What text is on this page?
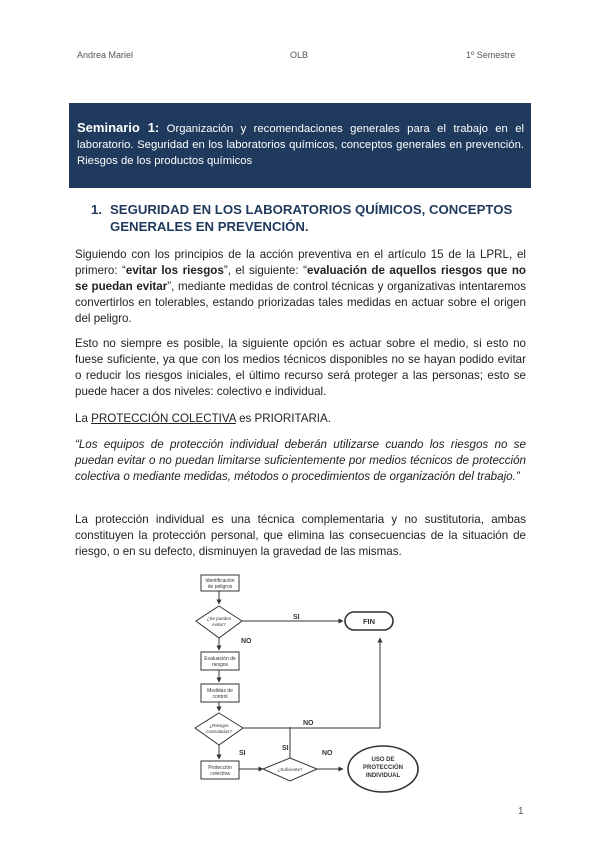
Andrea Mariel	OLB	1º Semestre
Seminario 1: Organización y recomendaciones generales para el trabajo en el laboratorio. Seguridad en los laboratorios químicos, conceptos generales en prevención. Riesgos de los productos químicos
1. SEGURIDAD EN LOS LABORATORIOS QUÍMICOS, CONCEPTOS GENERALES EN PREVENCIÓN.
Siguiendo con los principios de la acción preventiva en el artículo 15 de la LPRL, el primero: “evitar los riesgos”, el siguiente: “evaluación de aquellos riesgos que no se puedan evitar”, mediante medidas de control técnicas y organizativas intentaremos convertirlos en tolerables, estando priorizadas tales medidas en actuar sobre el origen del peligro.
Esto no siempre es posible, la siguiente opción es actuar sobre el medio, si esto no fuese suficiente, ya que con los medios técnicos disponibles no se hayan podido evitar o reducir los riesgos iniciales, el último recurso será proteger a las personas; esto se puede hacer a dos niveles: colectivo e individual.
La PROTECCIÓN COLECTIVA es PRIORITARIA.
“Los equipos de protección individual deberán utilizarse cuando los riesgos no se puedan evitar o no puedan limitarse suficientemente por medios técnicos de protección colectiva o mediante medidas, métodos o procedimientos de organización del trabajo.”
La protección individual es una técnica complementaria y no sustitutoria, ambas constituyen la protección personal, que elimina las consecuencias de la situación de riesgo, o en su defecto, disminuyen la gravedad de las mismas.
Identificación
de peligros
¿Se pueden
evitar?
Evaluación de
riesgos
Medidas de
control
¿Riesgos
controlados?
Protección
colectiva
¿Suficiente?
FIN
USO DE
PROTECCIÓN
INDIVIDUAL
SI
NO
NO
SI
SI
NO
1
